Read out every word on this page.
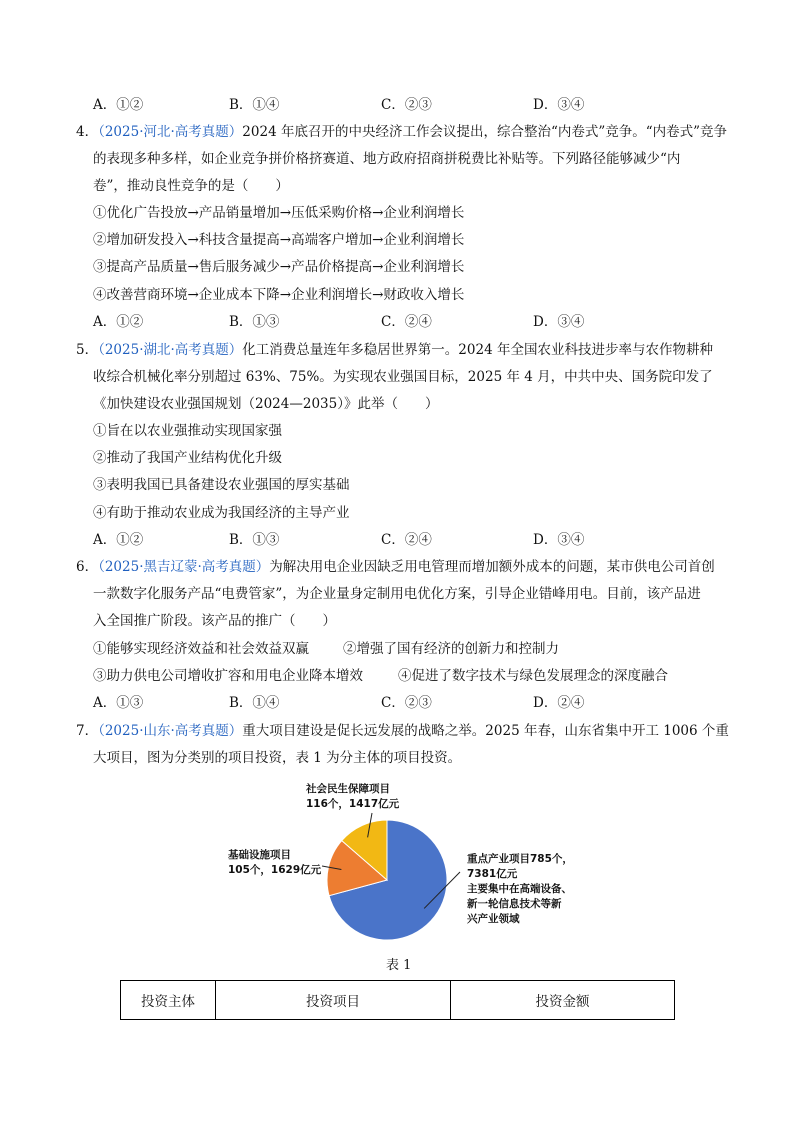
A．①②	B．①④	C．②③	D．③④
4．（2025·河北·高考真题）2024 年底召开的中央经济工作会议提出，综合整治“内卷式”竞争。“内卷式”竞争
的表现多种多样，如企业竞争拼价格挤赛道、地方政府招商拼税费比补贴等。下列路径能够减少“内
卷”，推动良性竞争的是（　　）
①优化广告投放→产品销量增加→压低采购价格→企业利润增长
②增加研发投入→科技含量提高→高端客户增加→企业利润增长
③提高产品质量→售后服务减少→产品价格提高→企业利润增长
④改善营商环境→企业成本下降→企业利润增长→财政收入增长
A．①②	B．①③	C．②④	D．③④
5．（2025·湖北·高考真题）化工消费总量连年多稳居世界第一。2024 年全国农业科技进步率与农作物耕种
收综合机械化率分别超过 63%、75%。为实现农业强国目标，2025 年 4 月，中共中央、国务院印发了
《加快建设农业强国规划（2024—2035）》此举（　　）
①旨在以农业强推动实现国家强
②推动了我国产业结构优化升级
③表明我国已具备建设农业强国的厚实基础
④有助于推动农业成为我国经济的主导产业
A．①②	B．①③	C．②④	D．③④
6．（2025·黑吉辽蒙·高考真题）为解决用电企业因缺乏用电管理而增加额外成本的问题，某市供电公司首创
一款数字化服务产品“电费管家”，为企业量身定制用电优化方案，引导企业错峰用电。目前，该产品进
入全国推广阶段。该产品的推广（　　）
①能够实现经济效益和社会效益双赢	②增强了国有经济的创新力和控制力
③助力供电公司增收扩容和用电企业降本增效	④促进了数字技术与绿色发展理念的深度融合
A．①③	B．①④	C．②③	D．②④
7．（2025·山东·高考真题）重大项目建设是促长远发展的战略之举。2025 年春，山东省集中开工 1006 个重
大项目，图为分类别的项目投资，表 1 为分主体的项目投资。
社会民生保障项目
116个，1417亿元
基础设施项目
105个，1629亿元
重点产业项目785个，
7381亿元
主要集中在高端设备、
新一轮信息技术等新
兴产业领域
表 1
投资主体	投资项目	投资金额
